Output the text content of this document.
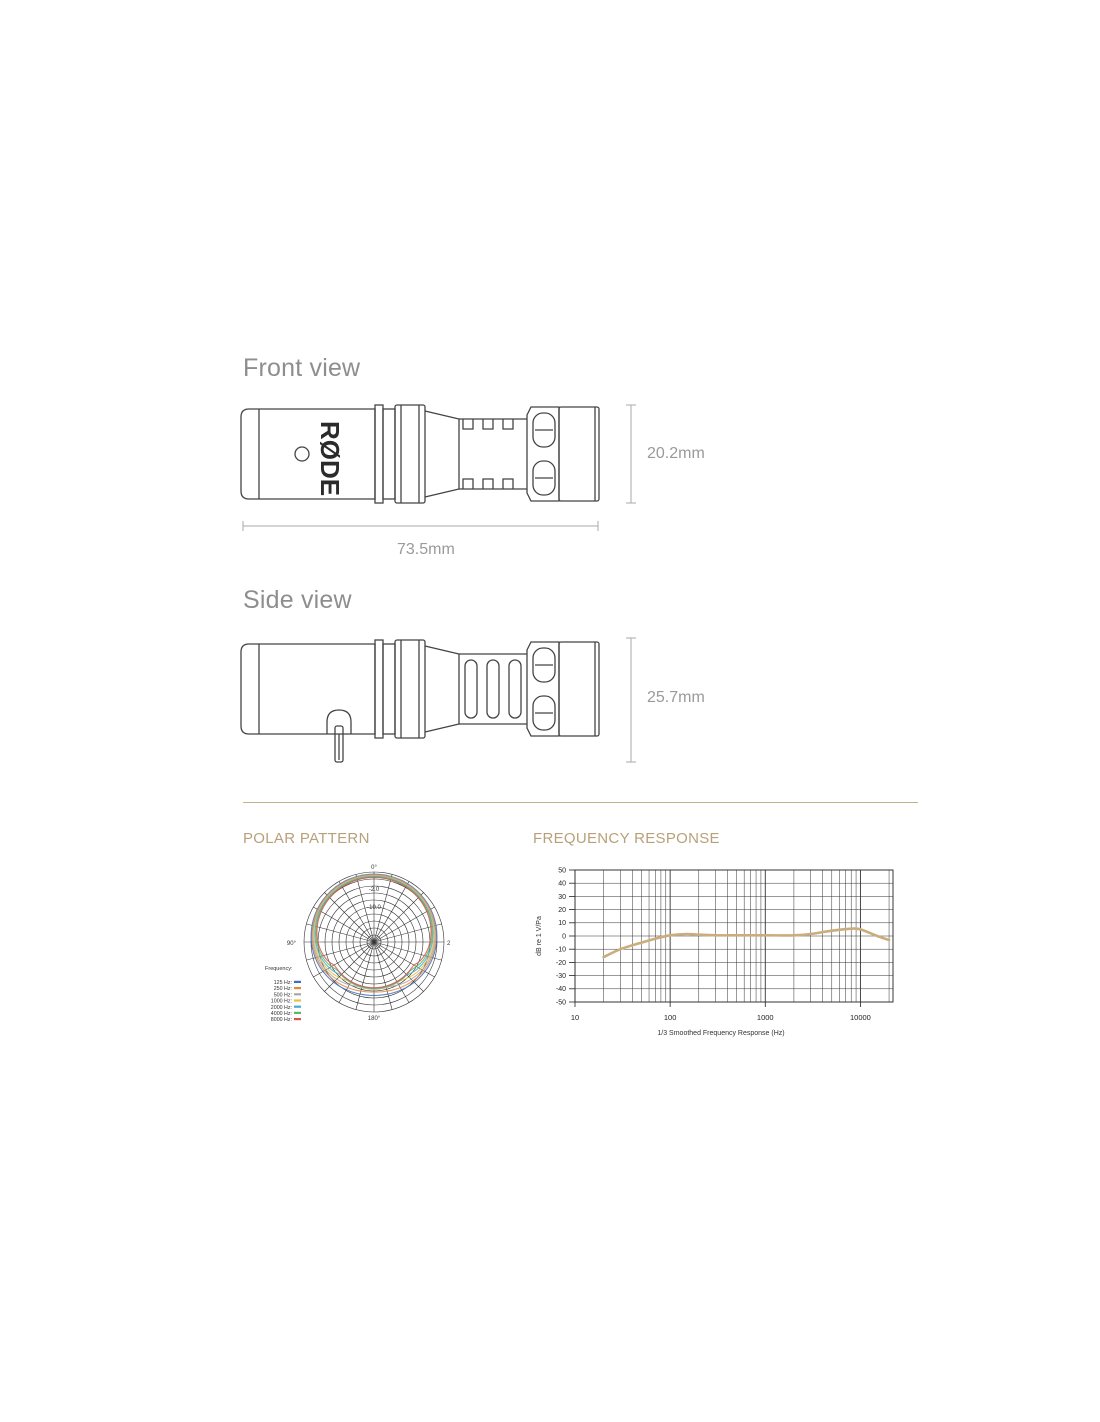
Front view
RØDE	20.2mm
73.5mm
Side view
25.7mm
POLAR PATTERN
0°
90°	2
180°
-2.0
-10.0
Frequency:
125 Hz:
250 Hz:
500 Hz:
1000 Hz:
2000 Hz:
4000 Hz:
8000 Hz:
FREQUENCY RESPONSE
50
40
30
20
10
0
-10
-20
-30
-40
-50
10	100	1000	10000
dB re 1 V/Pa
1/3 Smoothed Frequency Response (Hz)
